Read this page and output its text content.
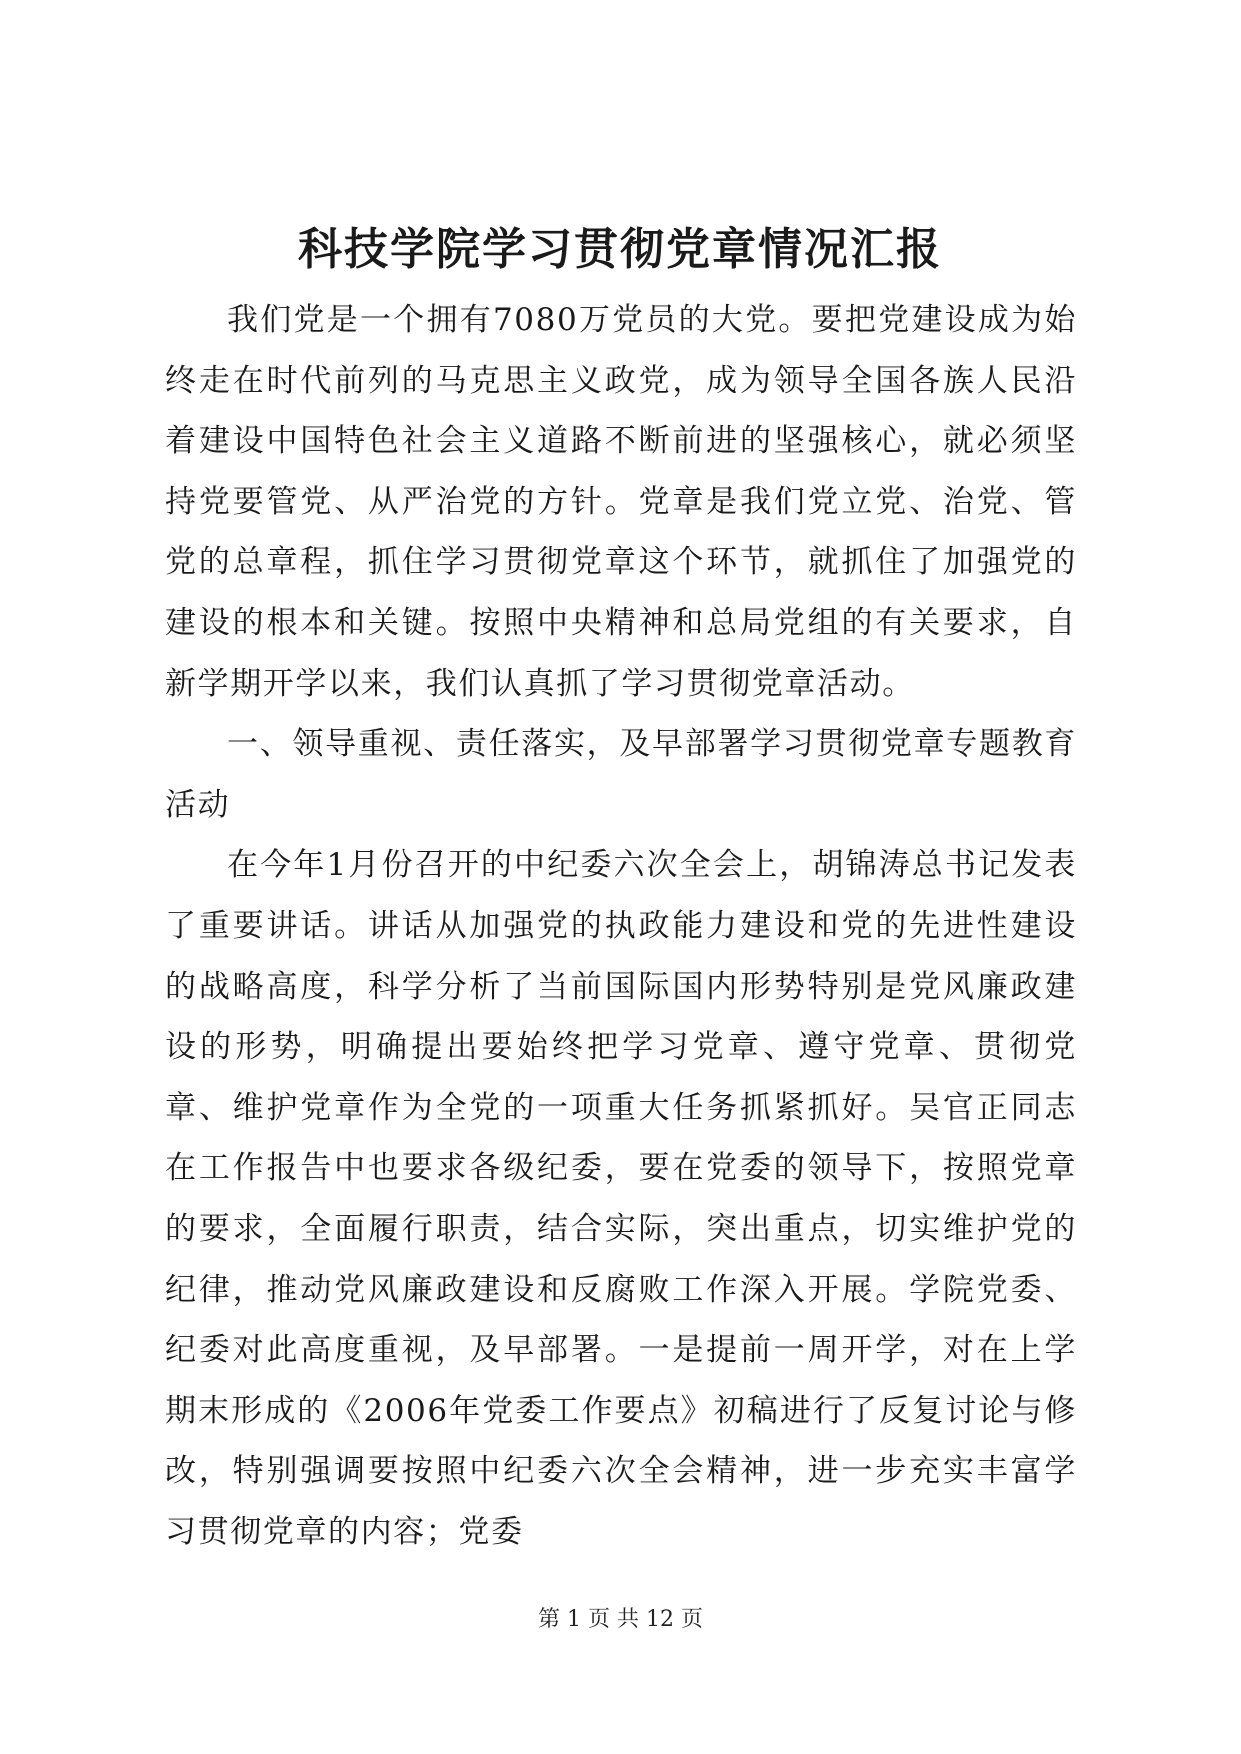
科技学院学习贯彻党章情况汇报

我们党是一个拥有7080万党员的大党。要把党建设成为始终走在时代前列的马克思主义政党，成为领导全国各族人民沿着建设中国特色社会主义道路不断前进的坚强核心，就必须坚持党要管党、从严治党的方针。党章是我们党立党、治党、管党的总章程，抓住学习贯彻党章这个环节，就抓住了加强党的建设的根本和关键。按照中央精神和总局党组的有关要求，自新学期开学以来，我们认真抓了学习贯彻党章活动。

一、领导重视、责任落实，及早部署学习贯彻党章专题教育活动

在今年1月份召开的中纪委六次全会上，胡锦涛总书记发表了重要讲话。讲话从加强党的执政能力建设和党的先进性建设的战略高度，科学分析了当前国际国内形势特别是党风廉政建设的形势，明确提出要始终把学习党章、遵守党章、贯彻党章、维护党章作为全党的一项重大任务抓紧抓好。吴官正同志在工作报告中也要求各级纪委，要在党委的领导下，按照党章的要求，全面履行职责，结合实际，突出重点，切实维护党的纪律，推动党风廉政建设和反腐败工作深入开展。学院党委、纪委对此高度重视，及早部署。一是提前一周开学，对在上学期末形成的《2006年党委工作要点》初稿进行了反复讨论与修改，特别强调要按照中纪委六次全会精神，进一步充实丰富学习贯彻党章的内容；党委

第 1 页 共 12 页
